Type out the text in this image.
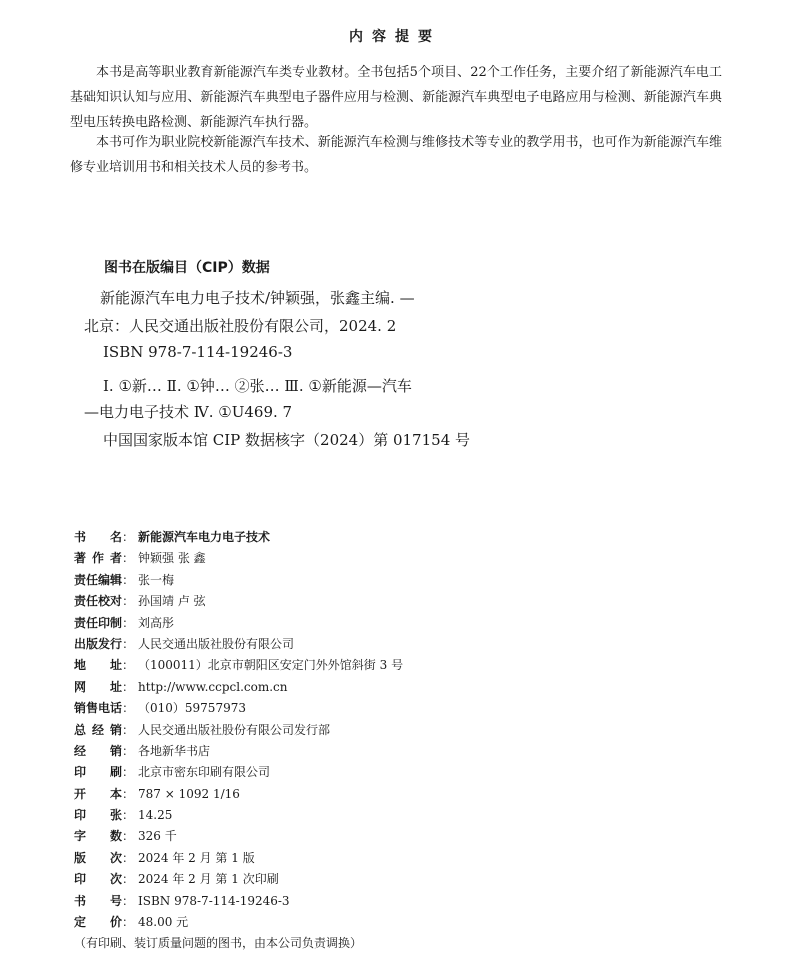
内容提要
本书是高等职业教育新能源汽车类专业教材。全书包括5个项目、22个工作任务，主要介绍了新能源汽车电工基础知识认知与应用、新能源汽车典型电子器件应用与检测、新能源汽车典型电子电路应用与检测、新能源汽车典型电压转换电路检测、新能源汽车执行器。
本书可作为职业院校新能源汽车技术、新能源汽车检测与维修技术等专业的教学用书，也可作为新能源汽车维修专业培训用书和相关技术人员的参考书。
图书在版编目（CIP）数据
新能源汽车电力电子技术/钟颖强，张鑫主编. —
北京：人民交通出版社股份有限公司，2024. 2
ISBN 978-7-114-19246-3
Ⅰ. ①新… Ⅱ. ①钟… ②张… Ⅲ. ①新能源—汽车
—电力电子技术 Ⅳ. ①U469. 7
中国国家版本馆 CIP 数据核字（2024）第 017154 号
书 名 ： 新能源汽车电力电子技术
著 作 者 ： 钟颖强 张 鑫
责 任 编 辑 ： 张一梅
责 任 校 对 ： 孙国靖 卢 弦
责 任 印 制 ： 刘高彤
出 版 发 行 ： 人民交通出版社股份有限公司
地 址 ： （100011）北京市朝阳区安定门外外馆斜街 3 号
网 址 ： http://www.ccpcl.com.cn
销 售 电 话 ： （010）59757973
总 经 销 ： 人民交通出版社股份有限公司发行部
经 销 ： 各地新华书店
印 刷 ： 北京市密东印刷有限公司
开 本 ： 787 × 1092 1/16
印 张 ： 14.25
字 数 ： 326 千
版 次 ： 2024 年 2 月 第 1 版
印 次 ： 2024 年 2 月 第 1 次印刷
书 号 ： ISBN 978-7-114-19246-3
定 价 ： 48.00 元
（有印刷、装订质量问题的图书，由本公司负责调换）
